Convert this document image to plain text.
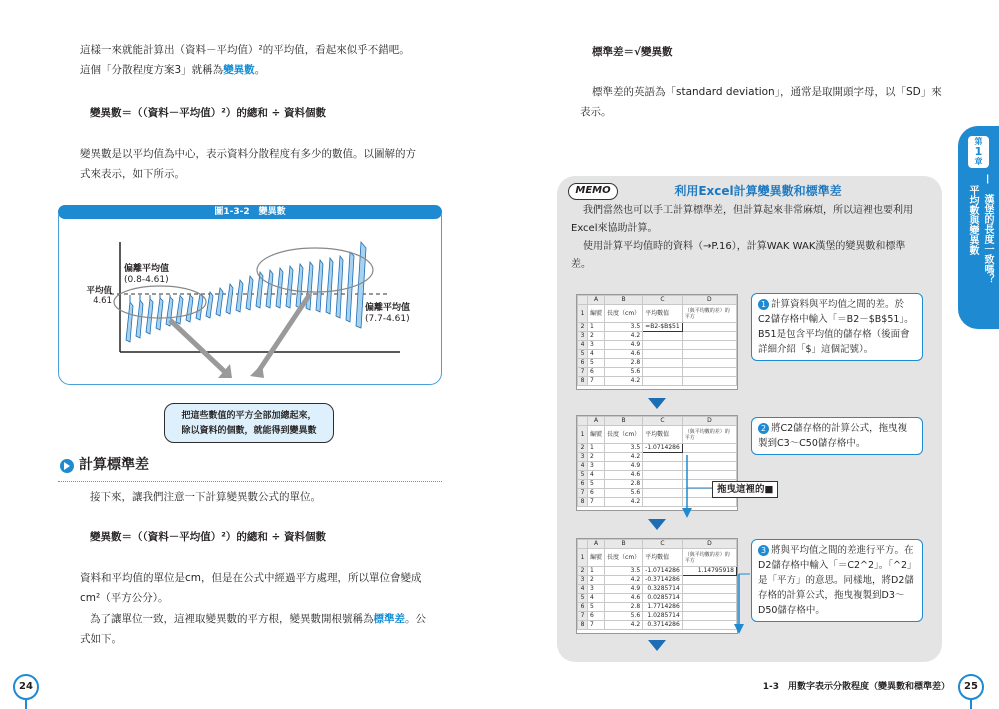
這樣一來就能計算出（資料－平均值）²的平均值，看起來似乎不錯吧。
這個「分散程度方案3」就稱為變異數。
變異數＝（（資料－平均值）²）的總和 ÷ 資料個數
變異數是以平均值為中心，表示資料分散程度有多少的數值。以圖解的方
式來表示，如下所示。
圖1-3-2　變異數
偏離平均值
(0.8-4.61)
平均值
4.61
偏離平均值
(7.7-4.61)
把這些數值的平方全部加總起來，
除以資料的個數，就能得到變異數
計算標準差
接下來，讓我們注意一下計算變異數公式的單位。
變異數＝（（資料－平均值）²）的總和 ÷ 資料個數
資料和平均值的單位是cm，但是在公式中經過平方處理，所以單位會變成
cm²（平方公分）。
為了讓單位一致，這裡取變異數的平方根，變異數開根號稱為標準差。公
式如下。
24
標準差＝√變異數
標準差的英語為「standard deviation」，通常是取開頭字母，以「SD」來
表示。
MEMO	利用Excel計算變異數和標準差
我們當然也可以手工計算標準差，但計算起來非常麻煩，所以這裡也要利用
Excel來協助計算。
使用計算平均值時的資料（→P.16），計算WAK WAK漢堡的變異數和標準
差。
	A	B	C	D
1	編號	長度（cm）	平均數值	（與平均數的差）的平方
2	1	3.5	=B2-$B$51	
3	2	4.2		
4	3	4.9		
5	4	4.6		
6	5	2.8		
7	6	5.6		
8	7	4.2		
1 計算資料與平均值之間的差。於C2儲存格中輸入「＝B2－$B$51」。B51是包含平均值的儲存格（後面會詳細介紹「$」這個記號）。
	A	B	C	D
1	編號	長度（cm）	平均數值	（與平均數的差）的平方
2	1	3.5	-1.0714286	
3	2	4.2		
4	3	4.9		
5	4	4.6		
6	5	2.8		
7	6	5.6		
8	7	4.2		
拖曳這裡的■
2 將C2儲存格的計算公式，拖曳複製到C3～C50儲存格中。
	A	B	C	D
1	編號	長度（cm）	平均數值	（與平均數的差）的平方
2	1	3.5	-1.0714286	1.14795918
3	2	4.2	-0.3714286	
4	3	4.9	0.3285714	
5	4	4.6	0.0285714	
6	5	2.8	1.7714286	
7	6	5.6	1.0285714	
8	7	4.2	0.3714286	
3 將與平均值之間的差進行平方。在D2儲存格中輸入「＝C2^2」。「^2」是「平方」的意思。同樣地，將D2儲存格的計算公式，拖曳複製到D3～D50儲存格中。
第
1
章
—　漢堡的長度一致嗎？
平均數與變異數
1-3　用數字表示分散程度（變異數和標準差）	25
